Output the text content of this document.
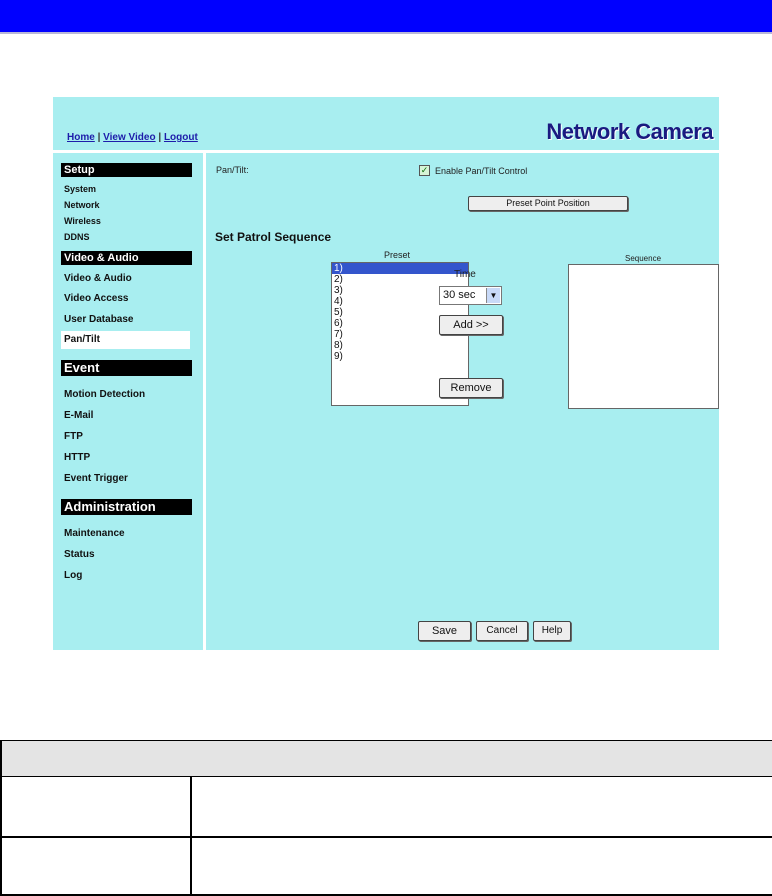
Home | View Video | Logout	Network Camera
Setup
System
Network
Wireless
DDNS
Video & Audio
Video & Audio
Video Access
User Database
Pan/Tilt
Event
Motion Detection
E-Mail
FTP
HTTP
Event Trigger
Administration
Maintenance
Status
Log
Pan/Tilt:	✓ Enable Pan/Tilt Control
Preset Point Position
Set Patrol Sequence
Preset
1)
2)
3)
4)
5)
6)
7)
8)
9)
Time
30 sec	▼
Add >>
Remove
Sequence
Save	Cancel	Help
